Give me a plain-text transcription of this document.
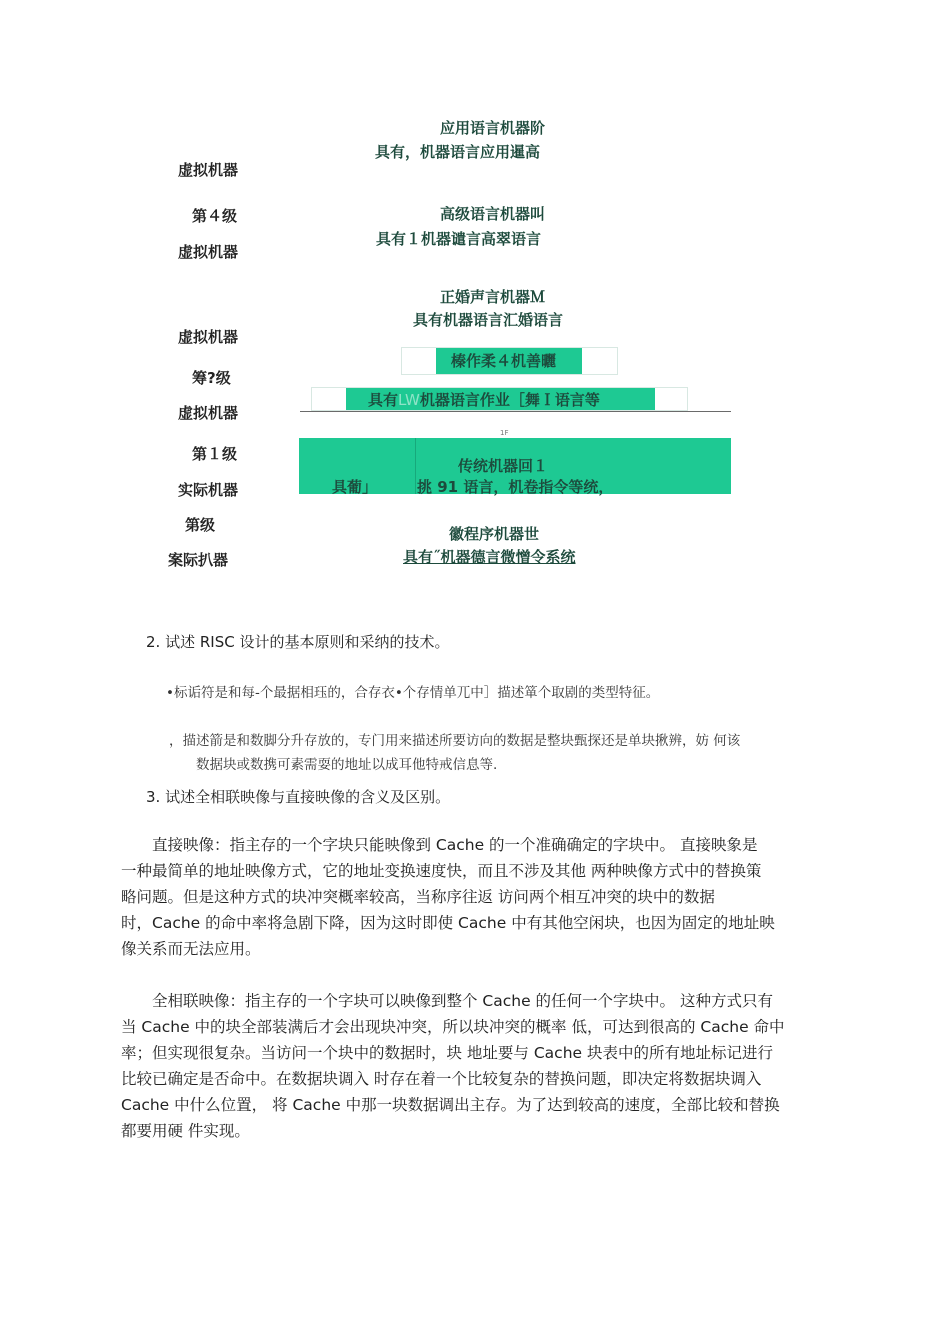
虚拟机器
第４级
虚拟机器
虚拟机器
筹?级
虚拟机器
第１级
实际机器
第级
案际扒器
应用语言机器阶
具有，机器语言应用暹高
高级语言机器叫
具有１机器谴言高翠语言
正婚声言机器Ｍ
具有机器语言汇婚语言
榛作柔４机善曬
具有LW机器语言作业［舞Ｉ语言等
1F
传统机器回１
具葡」	挑 91 语言，机卷指令等统，
徽程序机器世
具有˝机器德言微憎令系统
2. 试述 RISC 设计的基本原则和采纳的技术。
•标诟符是和每-个最据相珏的，合存衣•个存情单兀中］描述箪个取剧的类型特征。
，描述箭是和数脚分升存放的，专门用来描述所要访向的数据是整块甄探还是单块揪辨，妨 何该
数据块或数携可素需耍的地址以成耳他特戒信息等.
3. 试述全相联映像与直接映像的含义及区别。
　　直接映像：指主存的一个字块只能映像到 Cache 的一个准确确定的字块中。 直接映象是
一种最简单的地址映像方式，它的地址变换速度快，而且不涉及其他 两种映像方式中的替换策
略问题。但是这种方式的块冲突概率较高，当称序往返 访问两个相互冲突的块中的数据
时，Cache 的命中率将急剧下降，因为这时即使 Cache 中有其他空闲块，也因为固定的地址映
像关系而无法应用。
　　全相联映像：指主存的一个字块可以映像到整个 Cache 的任何一个字块中。 这种方式只有
当 Cache 中的块全部装满后才会出现块冲突，所以块冲突的概率 低，可达到很高的 Cache 命中
率；但实现很复杂。当访问一个块中的数据时，块 地址要与 Cache 块表中的所有地址标记进行
比较已确定是否命中。在数据块调入 时存在着一个比较复杂的替换问题，即决定将数据块调入
Cache 中什么位置， 将 Cache 中那一块数据调出主存。为了达到较高的速度，全部比较和替换
都要用硬 件实现。
